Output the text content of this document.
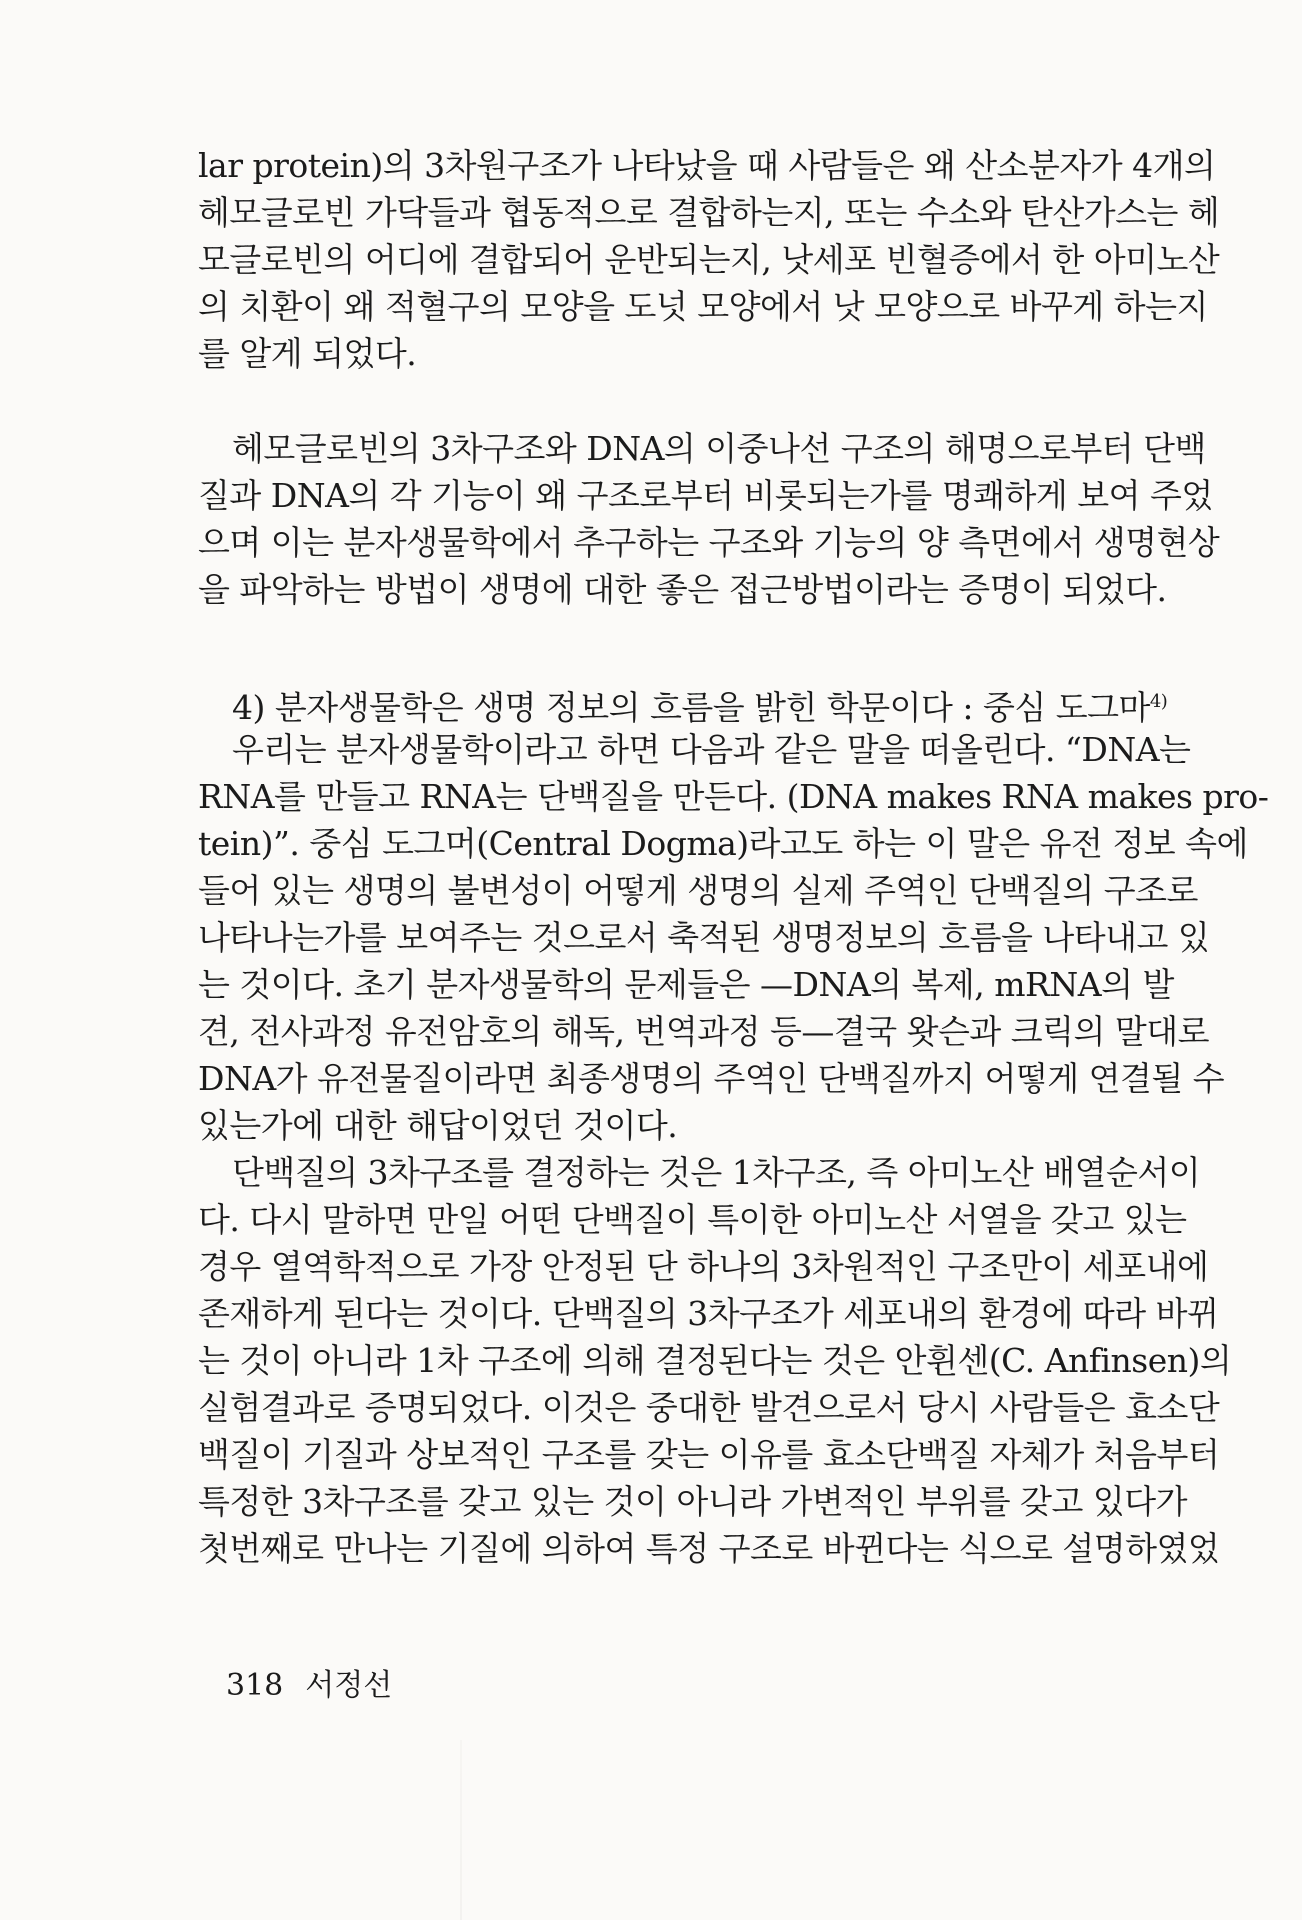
lar protein)의 3차원구조가 나타났을 때 사람들은 왜 산소분자가 4개의
헤모글로빈 가닥들과 협동적으로 결합하는지, 또는 수소와 탄산가스는 헤
모글로빈의 어디에 결합되어 운반되는지, 낫세포 빈혈증에서 한 아미노산
의 치환이 왜 적혈구의 모양을 도넛 모양에서 낫 모양으로 바꾸게 하는지
를 알게 되었다.
헤모글로빈의 3차구조와 DNA의 이중나선 구조의 해명으로부터 단백
질과 DNA의 각 기능이 왜 구조로부터 비롯되는가를 명쾌하게 보여 주었
으며 이는 분자생물학에서 추구하는 구조와 기능의 양 측면에서 생명현상
을 파악하는 방법이 생명에 대한 좋은 접근방법이라는 증명이 되었다.
4) 분자생물학은 생명 정보의 흐름을 밝힌 학문이다 : 중심 도그마$^{4)}$
우리는 분자생물학이라고 하면 다음과 같은 말을 떠올린다. “DNA는
RNA를 만들고 RNA는 단백질을 만든다. (DNA makes RNA makes pro-
tein)”. 중심 도그머(Central Dogma)라고도 하는 이 말은 유전 정보 속에
들어 있는 생명의 불변성이 어떻게 생명의 실제 주역인 단백질의 구조로
나타나는가를 보여주는 것으로서 축적된 생명정보의 흐름을 나타내고 있
는 것이다. 초기 분자생물학의 문제들은 —DNA의 복제, mRNA의 발
견, 전사과정 유전암호의 해독, 번역과정 등—결국 왓슨과 크릭의 말대로
DNA가 유전물질이라면 최종생명의 주역인 단백질까지 어떻게 연결될 수
있는가에 대한 해답이었던 것이다.
단백질의 3차구조를 결정하는 것은 1차구조, 즉 아미노산 배열순서이
다. 다시 말하면 만일 어떤 단백질이 특이한 아미노산 서열을 갖고 있는
경우 열역학적으로 가장 안정된 단 하나의 3차원적인 구조만이 세포내에
존재하게 된다는 것이다. 단백질의 3차구조가 세포내의 환경에 따라 바뀌
는 것이 아니라 1차 구조에 의해 결정된다는 것은 안휜센(C. Anfinsen)의
실험결과로 증명되었다. 이것은 중대한 발견으로서 당시 사람들은 효소단
백질이 기질과 상보적인 구조를 갖는 이유를 효소단백질 자체가 처음부터
특정한 3차구조를 갖고 있는 것이 아니라 가변적인 부위를 갖고 있다가
첫번째로 만나는 기질에 의하여 특정 구조로 바뀐다는 식으로 설명하였었
318 서정선
